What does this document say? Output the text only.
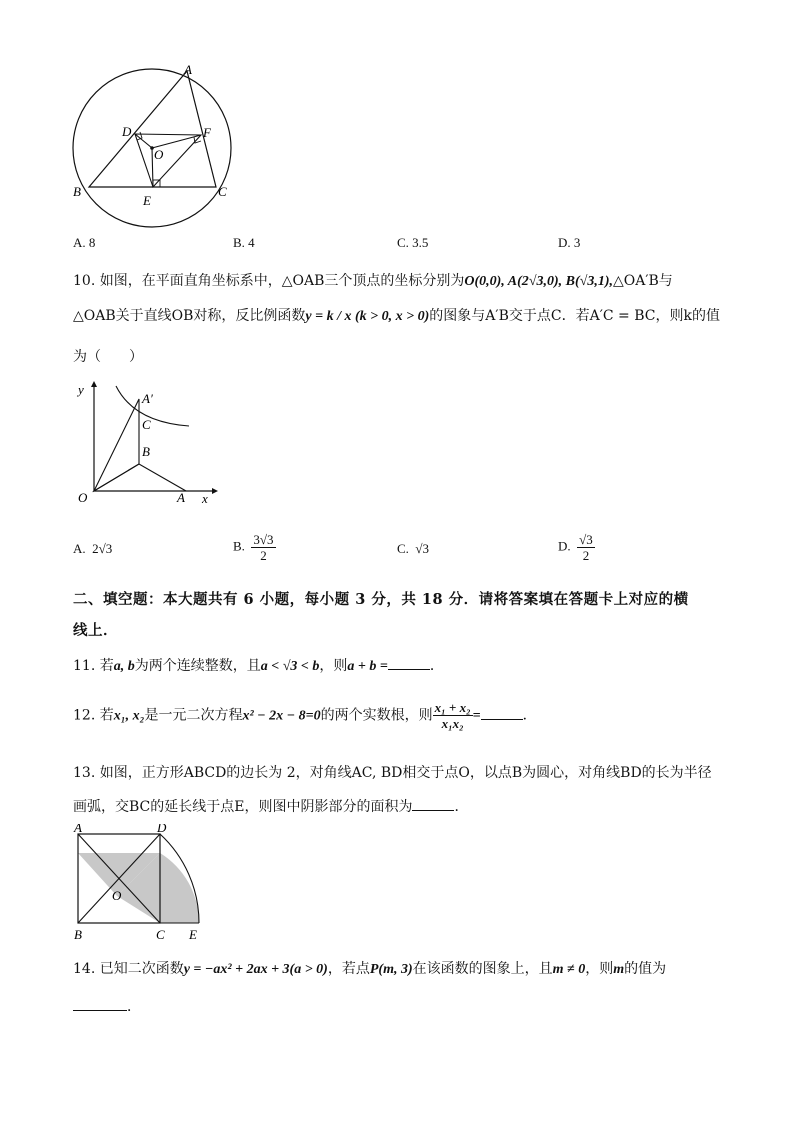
A
B	C
D
E
F
O
A. 8	B. 4	C. 3.5	D. 3
10. 如图，在平面直角坐标系中，△OAB三个顶点的坐标分别为O(0,0), A(2√3,0), B(√3,1),△OA′B与
△OAB关于直线OB对称，反比例函数y = k / x (k > 0, x > 0)的图象与A′B交于点C．若A′C = BC，则k的值
为（　　）
y
x
O	A
A′
B
C
A. 2√3	B. $\frac{3√3}{2}$	C. √3	D. $\frac{√3}{2}$
二、填空题：本大题共有 6 小题，每小题 3 分，共 18 分．请将答案填在答题卡上对应的横
线上．
11. 若a, b为两个连续整数，且a < √3 < b，则a + b =	．
12. 若x₁, x₂是一元二次方程x² − 2x − 8=0的两个实数根，则 $\frac{\text{x₁ + x₂}}{\text{x₁x₂}}$ =	．
13. 如图，正方形ABCD的边长为 2，对角线AC, BD相交于点O，以点B为圆心，对角线BD的长为半径
画弧，交BC的延长线于点E，则图中阴影部分的面积为	．
A	D
O
B	C E
14. 已知二次函数y = −ax² + 2ax + 3(a > 0)，若点P(m, 3)在该函数的图象上，且m ≠ 0，则m的值为
．
